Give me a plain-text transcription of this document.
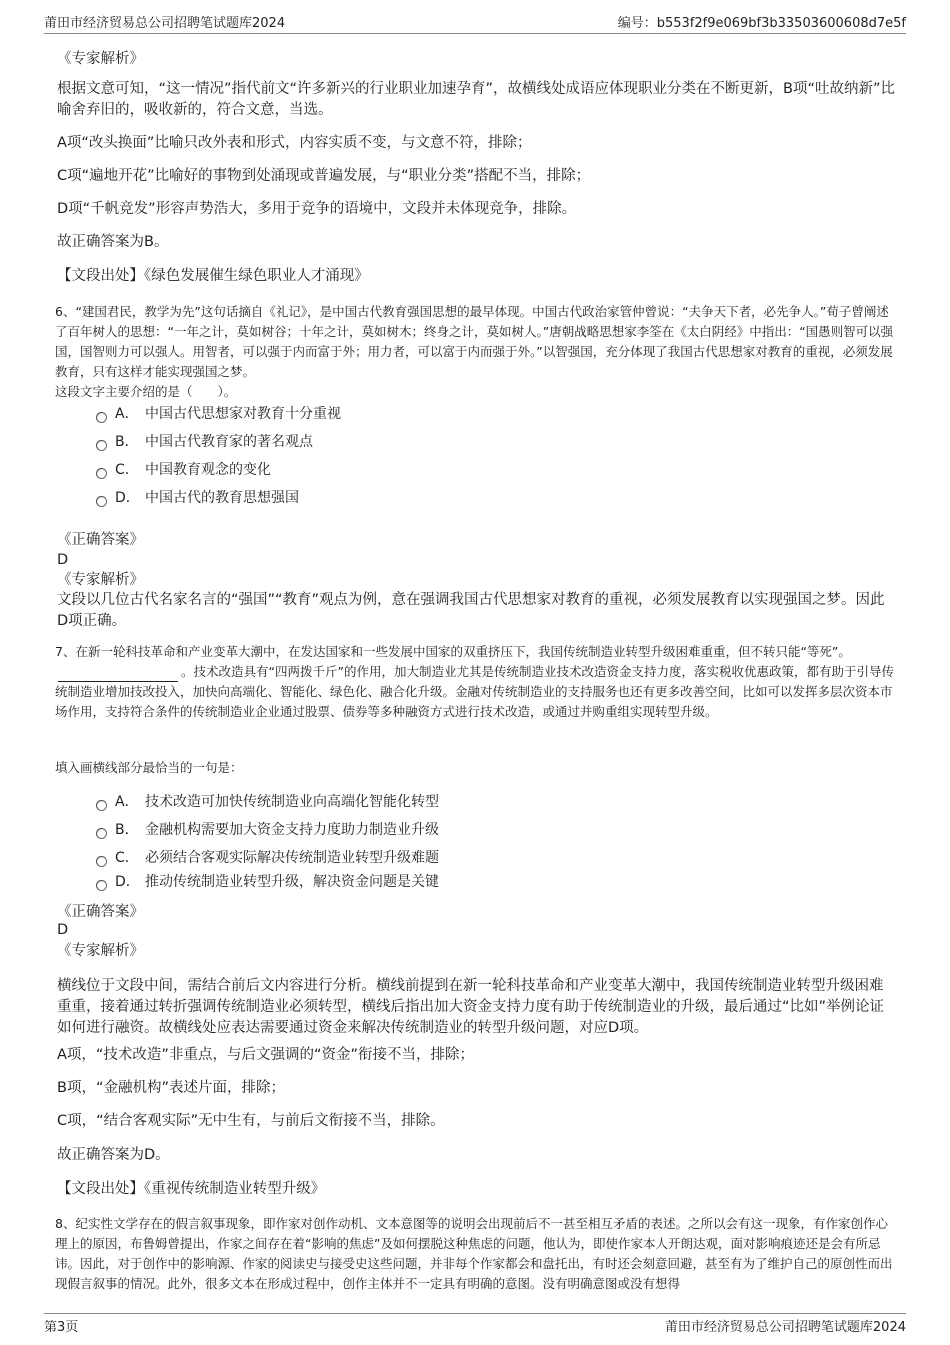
莆田市经济贸易总公司招聘笔试题库2024	编号：b553f2f9e069bf3b33503600608d7e5f
《专家解析》
根据文意可知，“这一情况”指代前文“许多新兴的行业职业加速孕育”，故横线处成语应体现职业分类在不断更新，B项“吐故纳新”比喻舍弃旧的，吸收新的，符合文意，当选。
A项“改头换面”比喻只改外表和形式，内容实质不变，与文意不符，排除；
C项“遍地开花”比喻好的事物到处涌现或普遍发展，与“职业分类”搭配不当，排除；
D项“千帆竞发”形容声势浩大，多用于竞争的语境中，文段并未体现竞争，排除。
故正确答案为B。
【文段出处】《绿色发展催生绿色职业人才涌现》
6、“建国君民，教学为先”这句话摘自《礼记》，是中国古代教育强国思想的最早体现。中国古代政治家管仲曾说：“夫争天下者，必先争人。”荀子曾阐述了百年树人的思想：“一年之计，莫如树谷；十年之计，莫如树木；终身之计，莫如树人。”唐朝战略思想家李筌在《太白阴经》中指出：“国愚则智可以强国，国智则力可以强人。用智者，可以强于内而富于外；用力者，可以富于内而强于外。”以智强国，充分体现了我国古代思想家对教育的重视，必须发展教育，只有这样才能实现强国之梦。
这段文字主要介绍的是（　　）。
A． 中国古代思想家对教育十分重视
B． 中国古代教育家的著名观点
C． 中国教育观念的变化
D． 中国古代的教育思想强国
《正确答案》
D
《专家解析》
文段以几位古代名家名言的“强国”“教育”观点为例，意在强调我国古代思想家对教育的重视，必须发展教育以实现强国之梦。因此D项正确。
7、在新一轮科技革命和产业变革大潮中，在发达国家和一些发展中国家的双重挤压下，我国传统制造业转型升级困难重重，但不转只能“等死”。。技术改造具有“四两拨千斤”的作用，加大制造业尤其是传统制造业技术改造资金支持力度，落实税收优惠政策，都有助于引导传统制造业增加技改投入，加快向高端化、智能化、绿色化、融合化升级。金融对传统制造业的支持服务也还有更多改善空间，比如可以发挥多层次资本市场作用，支持符合条件的传统制造业企业通过股票、债券等多种融资方式进行技术改造，或通过并购重组实现转型升级。
填入画横线部分最恰当的一句是：
A． 技术改造可加快传统制造业向高端化智能化转型
B． 金融机构需要加大资金支持力度助力制造业升级
C． 必须结合客观实际解决传统制造业转型升级难题
D． 推动传统制造业转型升级，解决资金问题是关键
《正确答案》
D
《专家解析》
横线位于文段中间，需结合前后文内容进行分析。横线前提到在新一轮科技革命和产业变革大潮中，我国传统制造业转型升级困难重重，接着通过转折强调传统制造业必须转型，横线后指出加大资金支持力度有助于传统制造业的升级，最后通过“比如”举例论证如何进行融资。故横线处应表达需要通过资金来解决传统制造业的转型升级问题，对应D项。
A项，“技术改造”非重点，与后文强调的“资金”衔接不当，排除；
B项，“金融机构”表述片面，排除；
C项，“结合客观实际”无中生有，与前后文衔接不当，排除。
故正确答案为D。
【文段出处】《重视传统制造业转型升级》
8、纪实性文学存在的假言叙事现象，即作家对创作动机、文本意图等的说明会出现前后不一甚至相互矛盾的表述。之所以会有这一现象，有作家创作心理上的原因，布鲁姆曾提出，作家之间存在着“影响的焦虑”及如何摆脱这种焦虑的问题，他认为，即使作家本人开朗达观，面对影响痕迹还是会有所忌讳。因此，对于创作中的影响源、作家的阅读史与接受史这些问题，并非每个作家都会和盘托出，有时还会刻意回避，甚至有为了维护自己的原创性而出现假言叙事的情况。此外，很多文本在形成过程中，创作主体并不一定具有明确的意图。没有明确意图或没有想得
第3页	莆田市经济贸易总公司招聘笔试题库2024
